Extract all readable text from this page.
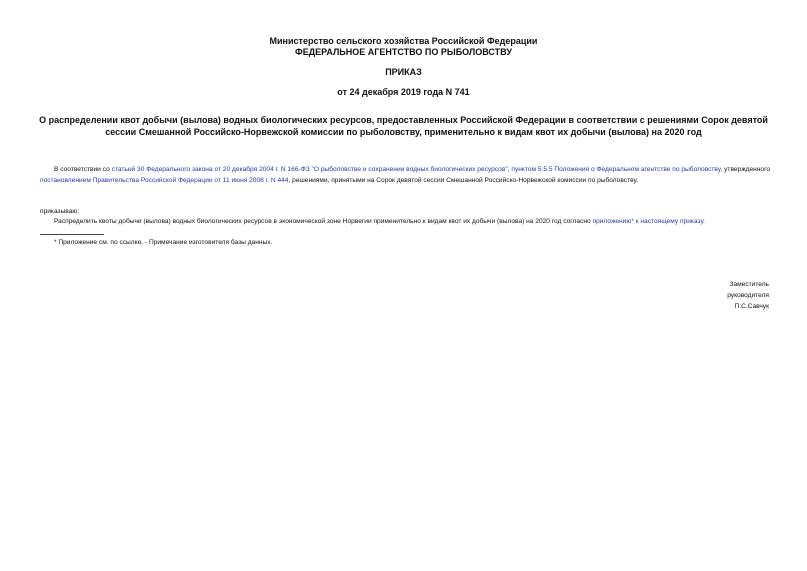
Министерство сельского хозяйства Российской Федерации
ФЕДЕРАЛЬНОЕ АГЕНТСТВО ПО РЫБОЛОВСТВУ
ПРИКАЗ
от 24 декабря 2019 года N 741
О распределении квот добычи (вылова) водных биологических ресурсов, предоставленных Российской Федерации в соответствии с решениями Сорок девятой сессии Смешанной Российско-Норвежской комиссии по рыболовству, применительно к видам квот их добычи (вылова) на 2020 год
В соответствии со статьей 30 Федерального закона от 20 декабря 2004 г. N 166-ФЗ "О рыболовстве и сохранении водных биологических ресурсов", пунктом 5.5.5 Положения о Федеральном агентстве по рыболовству, утвержденного постановлением Правительства Российской Федерации от 11 июня 2008 г. N 444, решениями, принятыми на Сорок девятой сессии Смешанной Российско-Норвежской комиссии по рыболовству,
приказываю:
Распределить квоты добычи (вылова) водных биологических ресурсов в экономической зоне Норвегии применительно к видам квот их добычи (вылова) на 2020 год согласно приложению* к настоящему приказу.
* Приложение см. по ссылке. - Примечание изготовителя базы данных.
Заместитель
руководителя
П.С.Савчук
